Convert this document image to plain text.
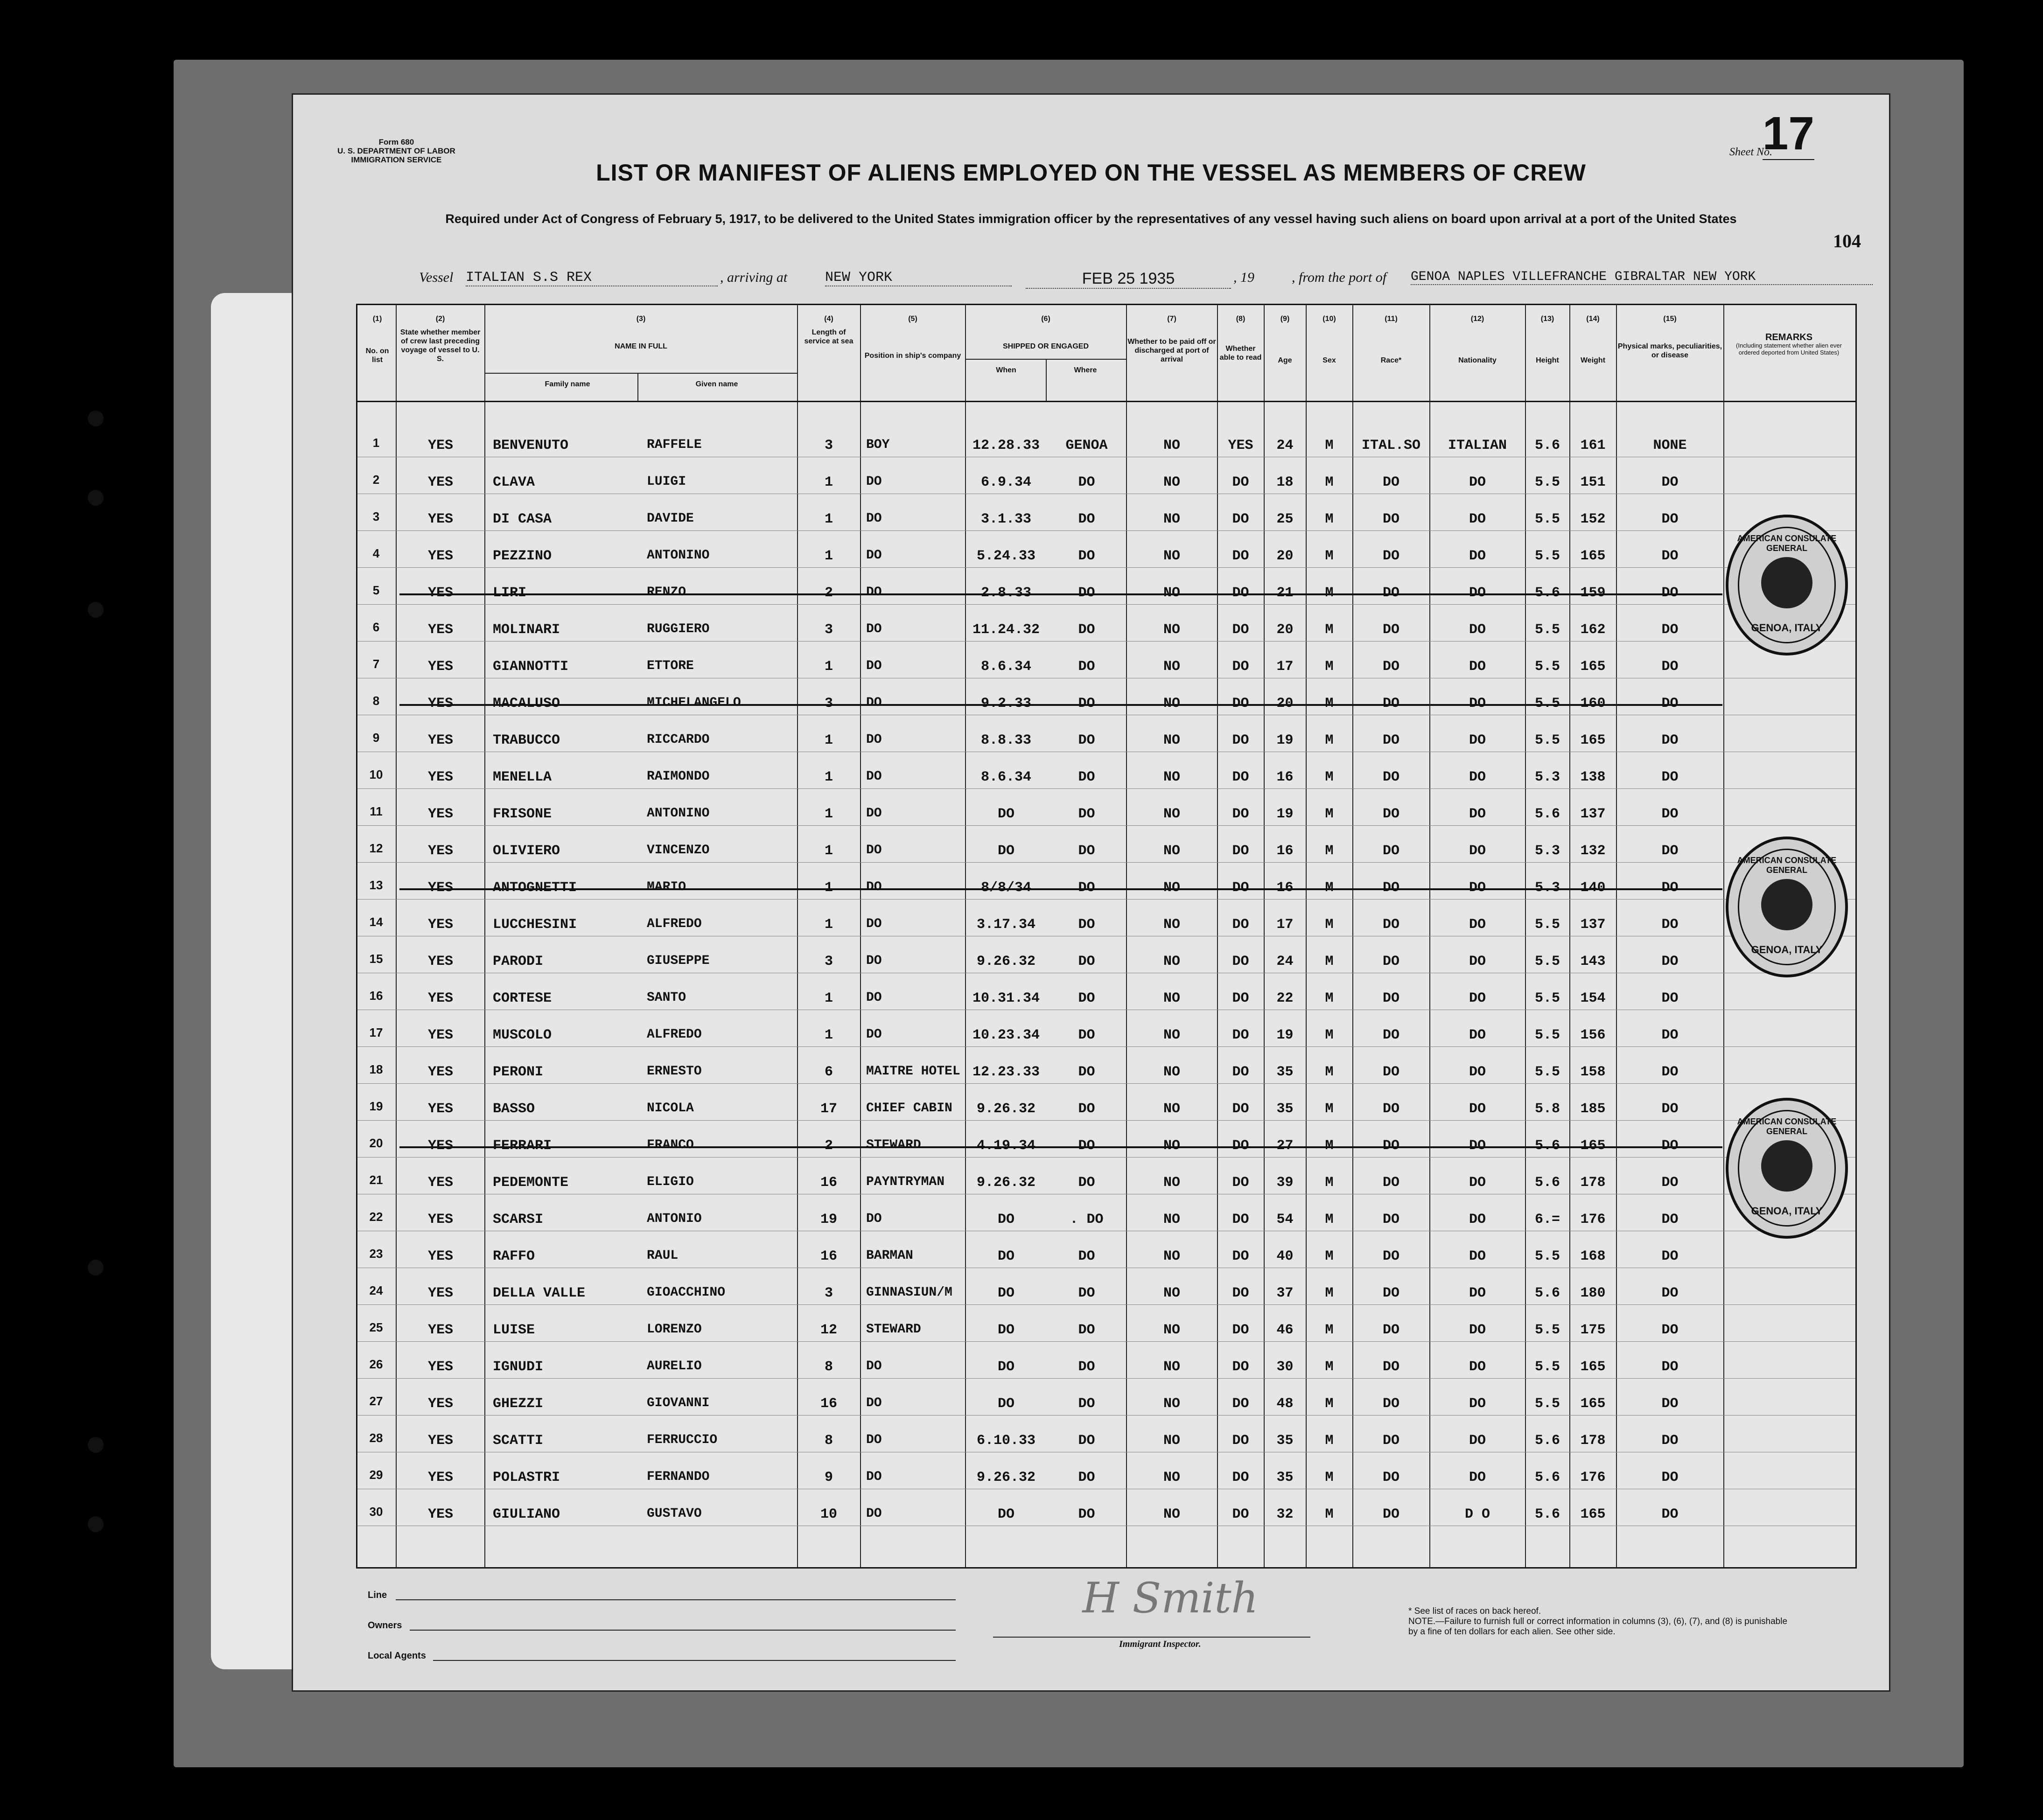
Form 680
U. S. DEPARTMENT OF LABOR
IMMIGRATION SERVICE
Sheet No.
17
LIST OR MANIFEST OF ALIENS EMPLOYED ON THE VESSEL AS MEMBERS OF CREW
Required under Act of Congress of February 5, 1917, to be delivered to the United States immigration officer by the representatives of any vessel having such aliens on board upon arrival at a port of the United States
104
Vessel ITALIAN S.S REX	, arriving at	NEW YORK	FEB 25 1935	, 19	, from the port of GENOA NAPLES VILLEFRANCHE GIBRALTAR NEW YORK
(1)
No. on list
(2)
State whether member of crew last preceding voyage of vessel to U. S.
(3)
NAME IN FULL
Family name	Given name
(4)
Length of service at sea
(5)
Position in ship's company
(6)
SHIPPED OR ENGAGED
When	Where
(7)
Whether to be paid off or discharged at port of arrival
(8)
Whether able to read
(9)
Age
(10)
Sex
(11)
Race*
(12)
Nationality
(13)
Height
(14)
Weight
(15)
Physical marks, peculiarities, or disease
REMARKS
(Including statement whether alien ever ordered deported from United States)
1	YES	BENVENUTO	RAFFELE	3	BOY	12.28.33	GENOA	NO	YES	24	M	ITAL.SO	ITALIAN	5.6	161	NONE
2	YES	CLAVA	LUIGI	1	DO	6.9.34	DO	NO	DO	18	M	DO	DO	5.5	151	DO
3	YES	DI CASA	DAVIDE	1	DO	3.1.33	DO	NO	DO	25	M	DO	DO	5.5	152	DO
4	YES	PEZZINO	ANTONINO	1	DO	5.24.33	DO	NO	DO	20	M	DO	DO	5.5	165	DO
5	YES	LIRI	RENZO	2	DO	2.8.33	DO	NO	DO	21	M	DO	DO	5.6	159	DO
6	YES	MOLINARI	RUGGIERO	3	DO	11.24.32	DO	NO	DO	20	M	DO	DO	5.5	162	DO
7	YES	GIANNOTTI	ETTORE	1	DO	8.6.34	DO	NO	DO	17	M	DO	DO	5.5	165	DO
8	YES	MACALUSO	MICHELANGELO	3	DO	9.2.33	DO	NO	DO	20	M	DO	DO	5.5	160	DO
9	YES	TRABUCCO	RICCARDO	1	DO	8.8.33	DO	NO	DO	19	M	DO	DO	5.5	165	DO
10	YES	MENELLA	RAIMONDO	1	DO	8.6.34	DO	NO	DO	16	M	DO	DO	5.3	138	DO
11	YES	FRISONE	ANTONINO	1	DO	DO	DO	NO	DO	19	M	DO	DO	5.6	137	DO
12	YES	OLIVIERO	VINCENZO	1	DO	DO	DO	NO	DO	16	M	DO	DO	5.3	132	DO
13	YES	ANTOGNETTI	MARIO	1	DO	8/8/34	DO	NO	DO	16	M	DO	DO	5.3	140	DO
14	YES	LUCCHESINI	ALFREDO	1	DO	3.17.34	DO	NO	DO	17	M	DO	DO	5.5	137	DO
15	YES	PARODI	GIUSEPPE	3	DO	9.26.32	DO	NO	DO	24	M	DO	DO	5.5	143	DO
16	YES	CORTESE	SANTO	1	DO	10.31.34	DO	NO	DO	22	M	DO	DO	5.5	154	DO
17	YES	MUSCOLO	ALFREDO	1	DO	10.23.34	DO	NO	DO	19	M	DO	DO	5.5	156	DO
18	YES	PERONI	ERNESTO	6	MAITRE HOTEL 12.23.33	DO	NO	DO	35	M	DO	DO	5.5	158	DO
19	YES	BASSO	NICOLA	17	CHIEF CABIN	9.26.32	DO	NO	DO	35	M	DO	DO	5.8	185	DO
20	YES	FERRARI	FRANCO	2	STEWARD	4.19.34	DO	NO	DO	27	M	DO	DO	5.6	165	DO
21	YES	PEDEMONTE	ELIGIO	16	PAYNTRYMAN	9.26.32	DO	NO	DO	39	M	DO	DO	5.6	178	DO
22	YES	SCARSI	ANTONIO	19	DO	DO	. DO	NO	DO	54	M	DO	DO	6.=	176	DO
23	YES	RAFFO	RAUL	16	BARMAN	DO	DO	NO	DO	40	M	DO	DO	5.5	168	DO
24	YES	DELLA VALLE	GIOACCHINO	3	GINNASIUN/M	DO	DO	NO	DO	37	M	DO	DO	5.6	180	DO
25	YES	LUISE	LORENZO	12	STEWARD	DO	DO	NO	DO	46	M	DO	DO	5.5	175	DO
26	YES	IGNUDI	AURELIO	8	DO	DO	DO	NO	DO	30	M	DO	DO	5.5	165	DO
27	YES	GHEZZI	GIOVANNI	16	DO	DO	DO	NO	DO	48	M	DO	DO	5.5	165	DO
28	YES	SCATTI	FERRUCCIO	8	DO	6.10.33	DO	NO	DO	35	M	DO	DO	5.6	178	DO
29	YES	POLASTRI	FERNANDO	9	DO	9.26.32	DO	NO	DO	35	M	DO	DO	5.6	176	DO
30	YES	GIULIANO	GUSTAVO	10	DO	DO	DO	NO	DO	32	M	DO	D O	5.6	165	DO
AMERICAN CONSULATE GENERAL
GENOA, ITALY
AMERICAN CONSULATE GENERAL
GENOA, ITALY
AMERICAN CONSULATE GENERAL
GENOA, ITALY
Line
Owners
Local Agents
H Smith
Immigrant Inspector.
* See list of races on back hereof.
NOTE.—Failure to furnish full or correct information in columns (3), (6), (7), and (8) is punishable by a fine of ten dollars for each alien. See other side.
